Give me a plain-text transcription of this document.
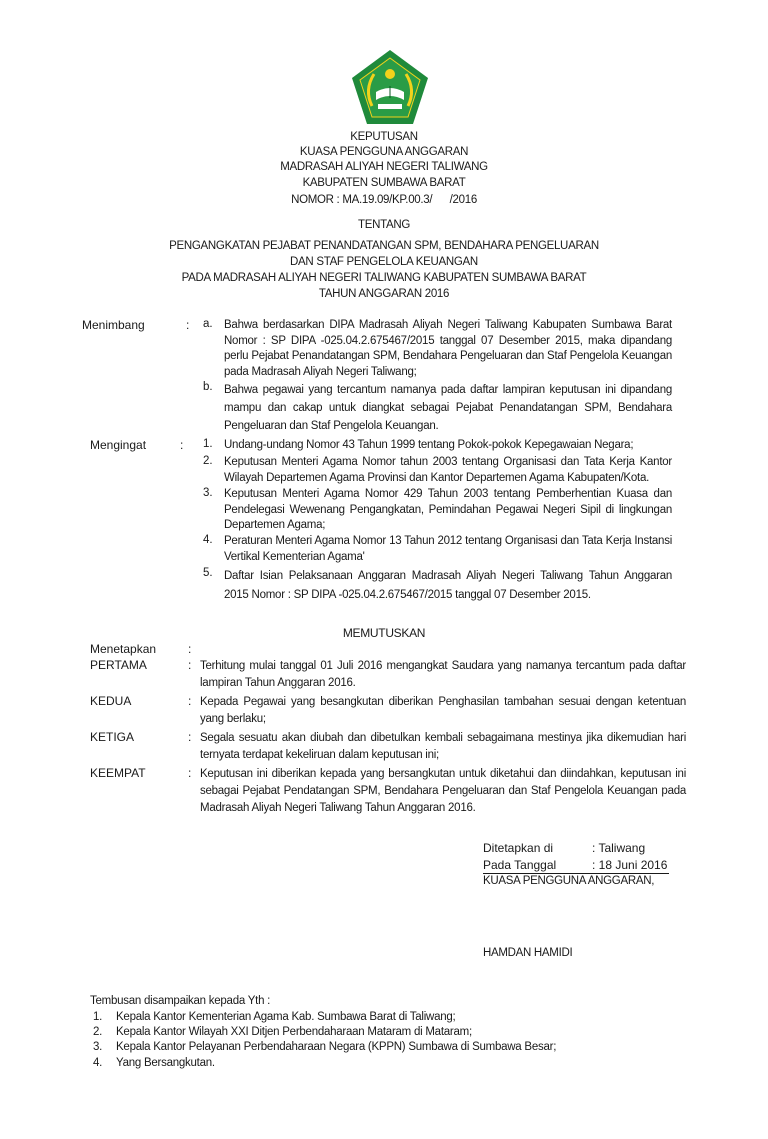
KEPUTUSAN
KUASA PENGGUNA ANGGARAN
MADRASAH ALIYAH NEGERI TALIWANG
KABUPATEN SUMBAWA BARAT
NOMOR : MA.19.09/KP.00.3/      /2016
TENTANG
PENGANGKATAN PEJABAT PENANDATANGAN SPM, BENDAHARA PENGELUARAN
DAN STAF PENGELOLA KEUANGAN
PADA MADRASAH ALIYAH NEGERI TALIWANG KABUPATEN SUMBAWA BARAT
TAHUN ANGGARAN 2016
Menimbang	: a. Bahwa berdasarkan DIPA Madrasah Aliyah Negeri Taliwang Kabupaten Sumbawa Barat Nomor : SP DIPA -025.04.2.675467/2015 tanggal 07 Desember 2015, maka dipandang perlu Pejabat Penandatangan SPM, Bendahara Pengeluaran dan Staf Pengelola Keuangan pada Madrasah Aliyah Negeri Taliwang;
b. Bahwa pegawai yang tercantum namanya pada daftar lampiran keputusan ini dipandang mampu dan cakap untuk diangkat sebagai Pejabat Penandatangan SPM, Bendahara Pengeluaran dan Staf Pengelola Keuangan.
Mengingat	: 1. Undang-undang Nomor 43 Tahun 1999 tentang Pokok-pokok Kepegawaian Negara;
2. Keputusan Menteri Agama Nomor tahun 2003 tentang Organisasi dan Tata Kerja Kantor Wilayah Departemen Agama Provinsi dan Kantor Departemen Agama Kabupaten/Kota.
3. Keputusan Menteri Agama Nomor 429 Tahun 2003 tentang Pemberhentian Kuasa dan Pendelegasi Wewenang Pengangkatan, Pemindahan Pegawai Negeri Sipil di lingkungan Departemen Agama;
4. Peraturan Menteri Agama Nomor 13 Tahun 2012 tentang Organisasi dan Tata Kerja Instansi Vertikal Kementerian Agama'
5. Daftar Isian Pelaksanaan Anggaran Madrasah Aliyah Negeri Taliwang Tahun Anggaran 2015 Nomor : SP DIPA -025.04.2.675467/2015 tanggal 07 Desember 2015.
MEMUTUSKAN
Menetapkan	:
PERTAMA	: Terhitung mulai tanggal 01 Juli 2016 mengangkat Saudara yang namanya tercantum pada daftar lampiran Tahun Anggaran 2016.
KEDUA	: Kepada Pegawai yang besangkutan diberikan Penghasilan tambahan sesuai dengan ketentuan yang berlaku;
KETIGA	: Segala sesuatu akan diubah dan dibetulkan kembali sebagaimana mestinya jika dikemudian hari ternyata terdapat kekeliruan dalam keputusan ini;
KEEMPAT	: Keputusan ini diberikan kepada yang bersangkutan untuk diketahui dan diindahkan, keputusan ini sebagai Pejabat Pendatangan SPM, Bendahara Pengeluaran dan Staf Pengelola Keuangan pada Madrasah Aliyah Negeri Taliwang Tahun Anggaran 2016.
Ditetapkan di	: Taliwang
Pada Tanggal	: 18 Juni 2016
KUASA PENGGUNA ANGGARAN,
HAMDAN HAMIDI
Tembusan disampaikan kepada Yth :
1. Kepala Kantor Kementerian Agama Kab. Sumbawa Barat di Taliwang;
2. Kepala Kantor Wilayah XXI Ditjen Perbendaharaan Mataram di Mataram;
3. Kepala Kantor Pelayanan Perbendaharaan Negara (KPPN) Sumbawa di Sumbawa Besar;
4. Yang Bersangkutan.
